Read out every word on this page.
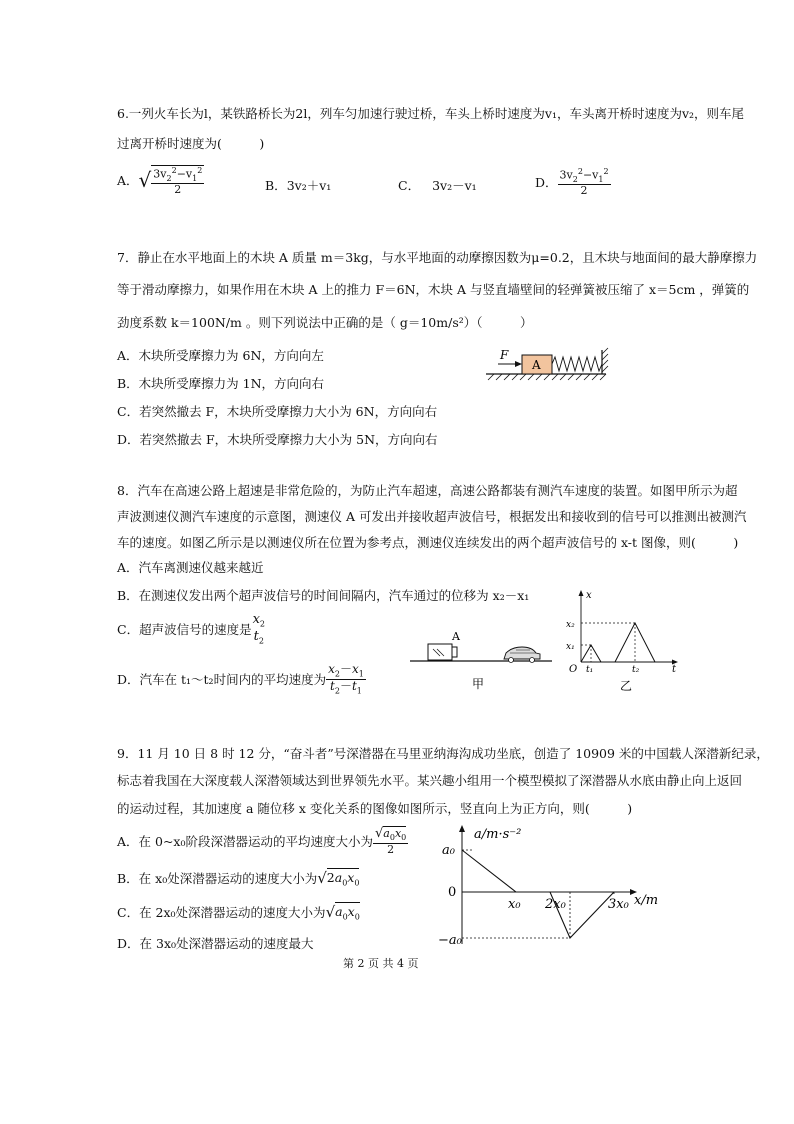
6.一列火车长为l，某铁路桥长为2l，列车匀加速行驶过桥，车头上桥时速度为v₁，车头离开桥时速度为v₂，则车尾
过离开桥时速度为(　　　)
A． √ $\frac{3v_2^2-v_1^2}{2}$	B．3v₂＋v₁	C． 3v₂－v₁	D． $\frac{3v_2^2-v_1^2}{2}$
7．静止在水平地面上的木块 A 质量 m＝3kg，与水平地面的动摩擦因数为μ=0.2，且木块与地面间的最大静摩擦力
等于滑动摩擦力，如果作用在木块 A 上的推力 F＝6N，木块 A 与竖直墙壁间的轻弹簧被压缩了 x＝5cm ，弹簧的
劲度系数 k＝100N/m 。则下列说法中正确的是（ g＝10m/s²）（　　　）
A．木块所受摩擦力为 6N，方向向左
B．木块所受摩擦力为 1N，方向向右
C．若突然撤去 F，木块所受摩擦力大小为 6N，方向向右
D．若突然撤去 F，木块所受摩擦力大小为 5N，方向向右
A
F
8．汽车在高速公路上超速是非常危险的，为防止汽车超速，高速公路都装有测汽车速度的装置。如图甲所示为超
声波测速仪测汽车速度的示意图，测速仪 A 可发出并接收超声波信号，根据发出和接收到的信号可以推测出被测汽
车的速度。如图乙所示是以测速仪所在位置为参考点，测速仪连续发出的两个超声波信号的 x-t 图像，则(　　　)
A．汽车离测速仪越来越近
B．在测速仪发出两个超声波信号的时间间隔内，汽车通过的位移为 x₂－x₁
C．超声波信号的速度是 $\frac{x_2}{t_2}$
D．汽车在 t₁～t₂时间内的平均速度为 $\frac{x_2-x_1}{t_2-t_1}$
A
甲
x
t
O
x₂
x₁
t₁	t₂
乙
9．11 月 10 日 8 时 12 分，“奋斗者”号深潜器在马里亚纳海沟成功坐底，创造了 10909 米的中国载人深潜新纪录，
标志着我国在大深度载人深潜领域达到世界领先水平。某兴趣小组用一个模型模拟了深潜器从水底由静止向上返回
的运动过程，其加速度 a 随位移 x 变化关系的图像如图所示，竖直向上为正方向，则(　　　)
A．在 0~x₀阶段深潜器运动的平均速度大小为 $\frac{√ a_0x_0}{2}$
B．在 x₀处深潜器运动的速度大小为 √ $2a_0x_0$
C．在 2x₀处深潜器运动的速度大小为 √ $a_0x_0$
D．在 3x₀处深潜器运动的速度最大
a/m·s⁻²
x/m
a₀
0
−a₀
x₀ 2x₀	3x₀
第 2 页 共 4 页
